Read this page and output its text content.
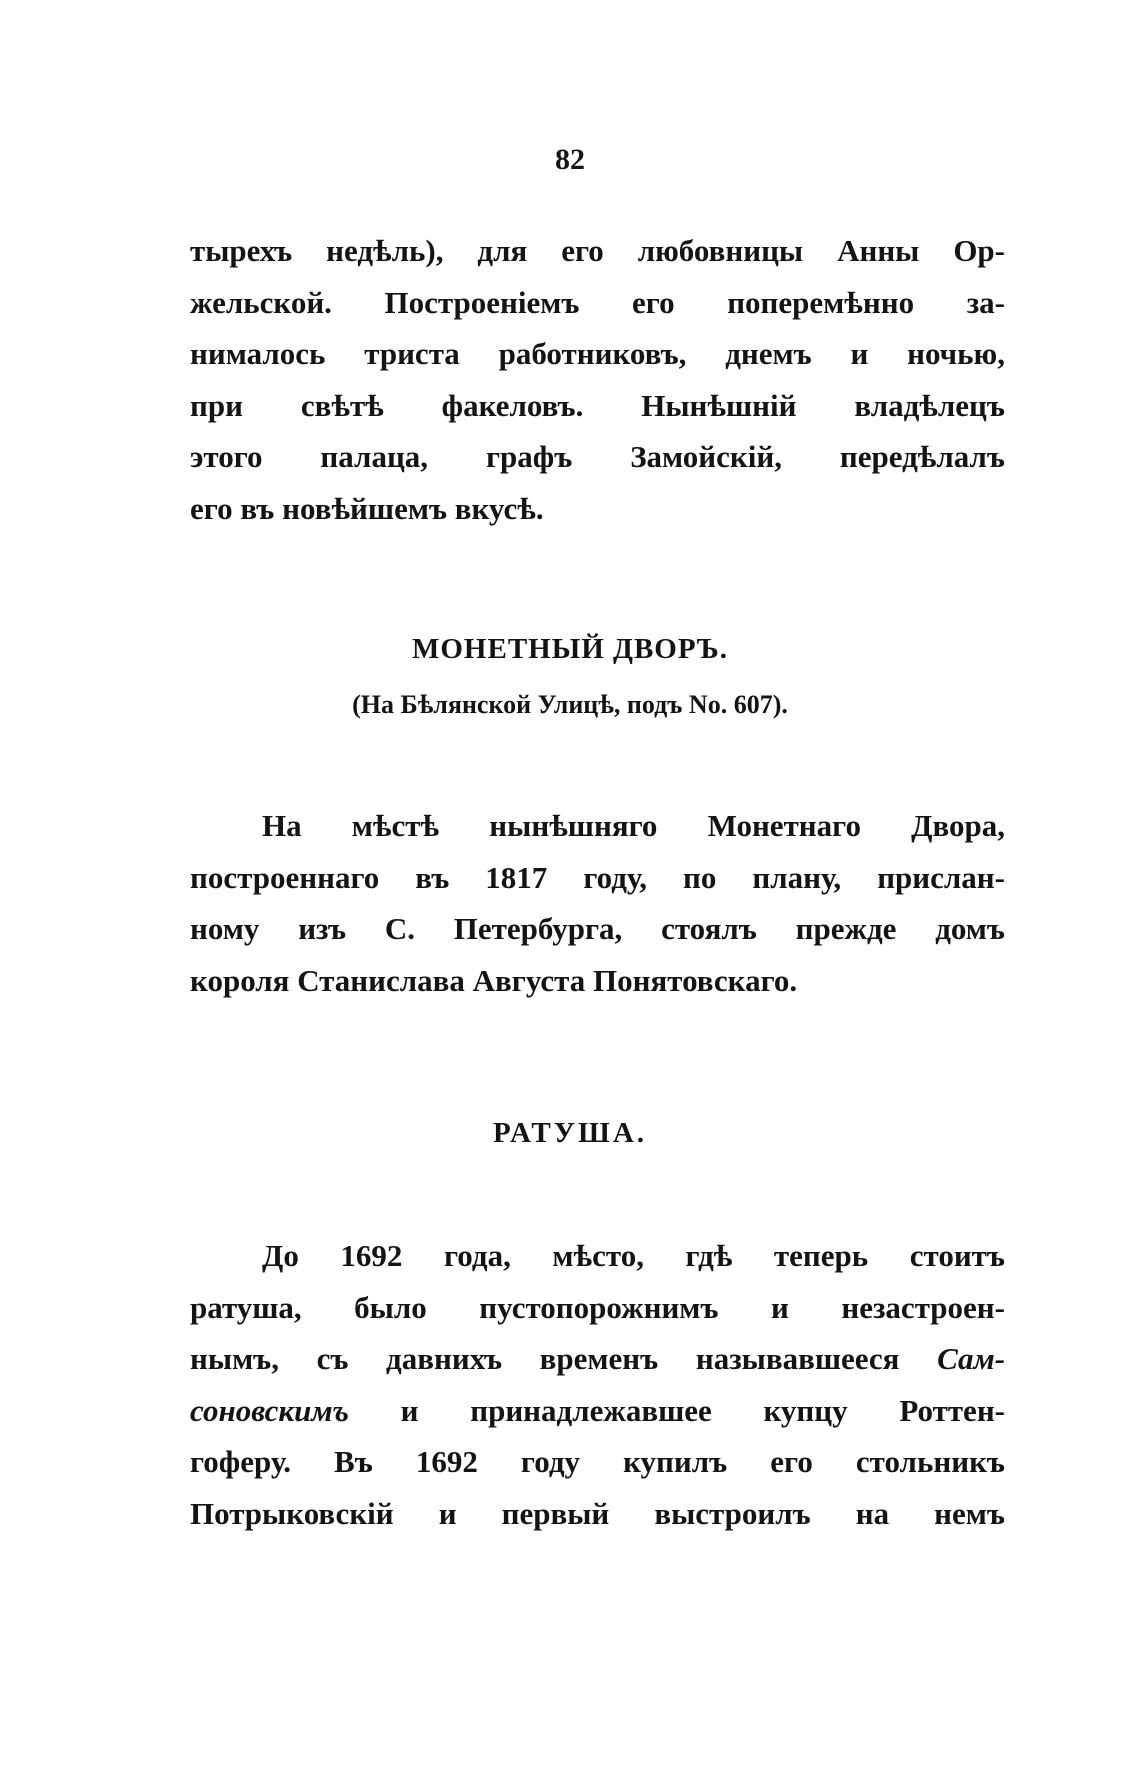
82
тырехъ недѣль), для его любовницы Анны Ор-
жельской. Построеніемъ его поперемѣнно за-
нималось триста работниковъ, днемъ и ночью,
при свѣтѣ факеловъ. Нынѣшній владѣлецъ
этого палаца, графъ Замойскій, передѣлалъ
его въ новѣйшемъ вкусѣ.
МОНЕТНЫЙ ДВОРЪ.
(На Бѣлянской Улицѣ, подъ No. 607).
На мѣстѣ нынѣшняго Монетнаго Двора,
построеннаго въ 1817 году, по плану, прислан-
ному изъ С. Петербурга, стоялъ прежде домъ
короля Станислава Августа Понятовскаго.
РАТУША.
До 1692 года, мѣсто, гдѣ теперь стоитъ
ратуша, было пустопорожнимъ и незастроен-
нымъ, съ давнихъ временъ называвшееся Сам-
соновскимъ и принадлежавшее купцу Роттен-
гоферу. Въ 1692 году купилъ его стольникъ
Потрыковскій и первый выстроилъ на немъ
